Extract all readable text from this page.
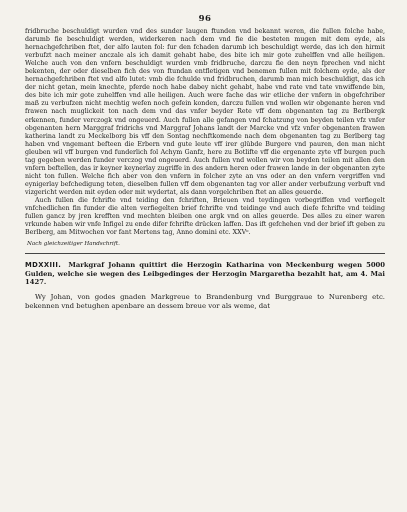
96

fridbruche beschuldigt wurden vnd des sunder laugen ftunden vnd bekannt weren, die fullen folche habe, darumb fie beschuldigt werden, widerkeren nach dem vnd fie die besteten mugen mit dem eyde, als hernachgefchriben ftet, der alfo lauten fol: fur den fchaden darumb ich beschuldigt werde, das ich den hirmit verbufzt nach meiner anczale als ich damit gehabt habe, des bite ich mir gote zuhelffen vnd alle heiligen. Welche auch von den vnfern beschuldigt wurden vmb fridbruche, darczu fie den neyn fprechen vnd nicht bekenten, der oder dieselben fich des von ftundan entfletigen vnd benemen fullen mit folchem eyde, als der hernachgefchriben ftet vnd alfo lutet: vmb die fchulde vnd fridbruchen, darumb man mich beschuldigt, das ich der nicht getan, mein knechte, pferde noch habe dabey nicht gehabt, habe vnd rate vnd tate vnwiffende bin, des bite ich mir gote zuhelffen vnd alle heiligen. Auch were fache das wir etliche der vnfern in obgefchriber maß zu verbufzen nicht mechtig wefen noch gefein konden, darczu fullen vnd wollen wir obgenante heren vnd frawen nach muglickeit ton nach dem vnd das vnfer beyder Rete vff dem obgenanten tag zu Berlbergk erkennen, funder verczogk vnd ongeuerd. Auch fullen alle gefangen vnd fchatzung von beyden teilen vfz vnfer obgenanten hern Marggraf fridrichs vnd Marggraf Johans landt der Marcke vnd vfz vnfer obgenanten frawen katherina landt zu Meckelborg bis vff den Sontag nechftkomende nach dem obgenanten tag zu Berlberg tag haben vnd vngemant befteen die Erbern vnd gute leute vff irer glübde Burgere vnd pauren, den man nicht gleuben wil vff burgen vnd funderlich fol Achym Ganfz, here zu Botlifte vff die ergenante zyte vff burgen puch tag gegeben werden funder verczog vnd ongeuerd. Auch fullen vnd wollen wir von beyden teilen mit allen den vnfern beftellen, das ir keyner keynerlay zugriffe in des andern heren oder frawen lande in der obgenanten zyte nicht ton fullen. Welche fich aber von den vnfern in folcher zyte an vns oder an den vnfern vergriffen vnd eynigerlay befchedigung teten, dieselben fullen vff dem obgenanten tag vor aller ander verbufzung verbuft vnd vizgericht werden mit eyden oder mit wydertat, als dann vorgelchriben ftet an alles geuerde.

Auch fullen die fchrifte vnd teiding den fchriften, Brieuen vnd teydingen vorbegriffen vnd verfiegelt vnfchedlichen fin funder die alten verfiegelten brief fchrifte vnd teidinge vnd auch diefe fchrifte vnd teiding fullen gancz by jren krefften vnd mechten bleiben one argk vnd on alles geuerde. Des alles zu einer waren vrkunde haben wir vnfe Infigel zu ende difer fchrifte drücken laffen. Das ift gefchehen vnd der brief ift geben zu Berlberg, am Mitwochen vor fant Mertens tag, Anno domini etc. XXVᵒ.

Nach gleichzeitiger Handschrift.

MDXXIII. Markgraf Johann quittirt die Herzogin Katharina von Meckenburg wegen 5000 Gulden, welche sie wegen des Leibgedinges der Herzogin Margaretha bezahlt hat, am 4. Mai 1427.

Wy Johan, von godes gnaden Markgreue to Brandenburg vnd Burggraue to Nurenberg etc. bekennen vnd betughen apenbare an dessem breue vor als weme, dat
